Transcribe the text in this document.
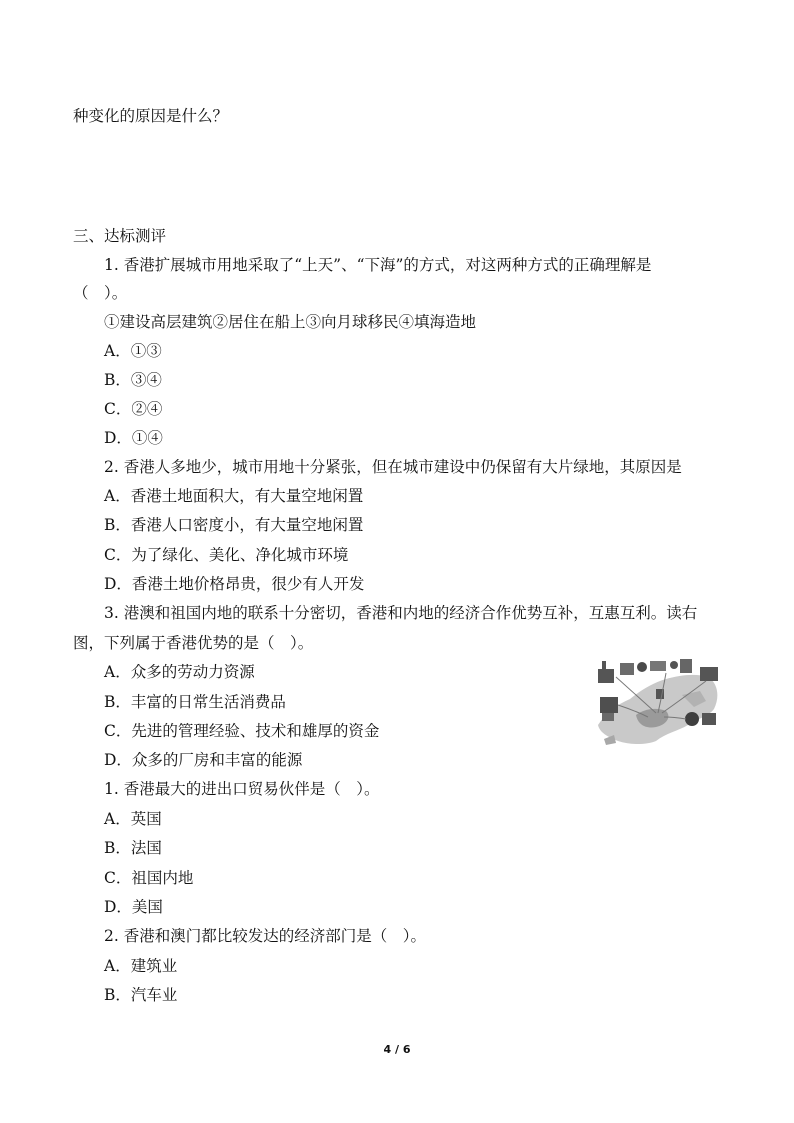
种变化的原因是什么？
三、达标测评
1. 香港扩展城市用地采取了“上天”、“下海”的方式，对这两种方式的正确理解是
（　）。
①建设高层建筑②居住在船上③向月球移民④填海造地
A．①③
B．③④
C．②④
D．①④
2. 香港人多地少，城市用地十分紧张，但在城市建设中仍保留有大片绿地，其原因是
A．香港土地面积大，有大量空地闲置
B．香港人口密度小，有大量空地闲置
C．为了绿化、美化、净化城市环境
D．香港土地价格昂贵，很少有人开发
3. 港澳和祖国内地的联系十分密切，香港和内地的经济合作优势互补，互惠互利。读右
图，下列属于香港优势的是（　）。
A．众多的劳动力资源
B．丰富的日常生活消费品
C．先进的管理经验、技术和雄厚的资金
D．众多的厂房和丰富的能源
1. 香港最大的进出口贸易伙伴是（　）。
A．英国
B．法国
C．祖国内地
D．美国
2. 香港和澳门都比较发达的经济部门是（　）。
A．建筑业
B．汽车业
4 / 6
